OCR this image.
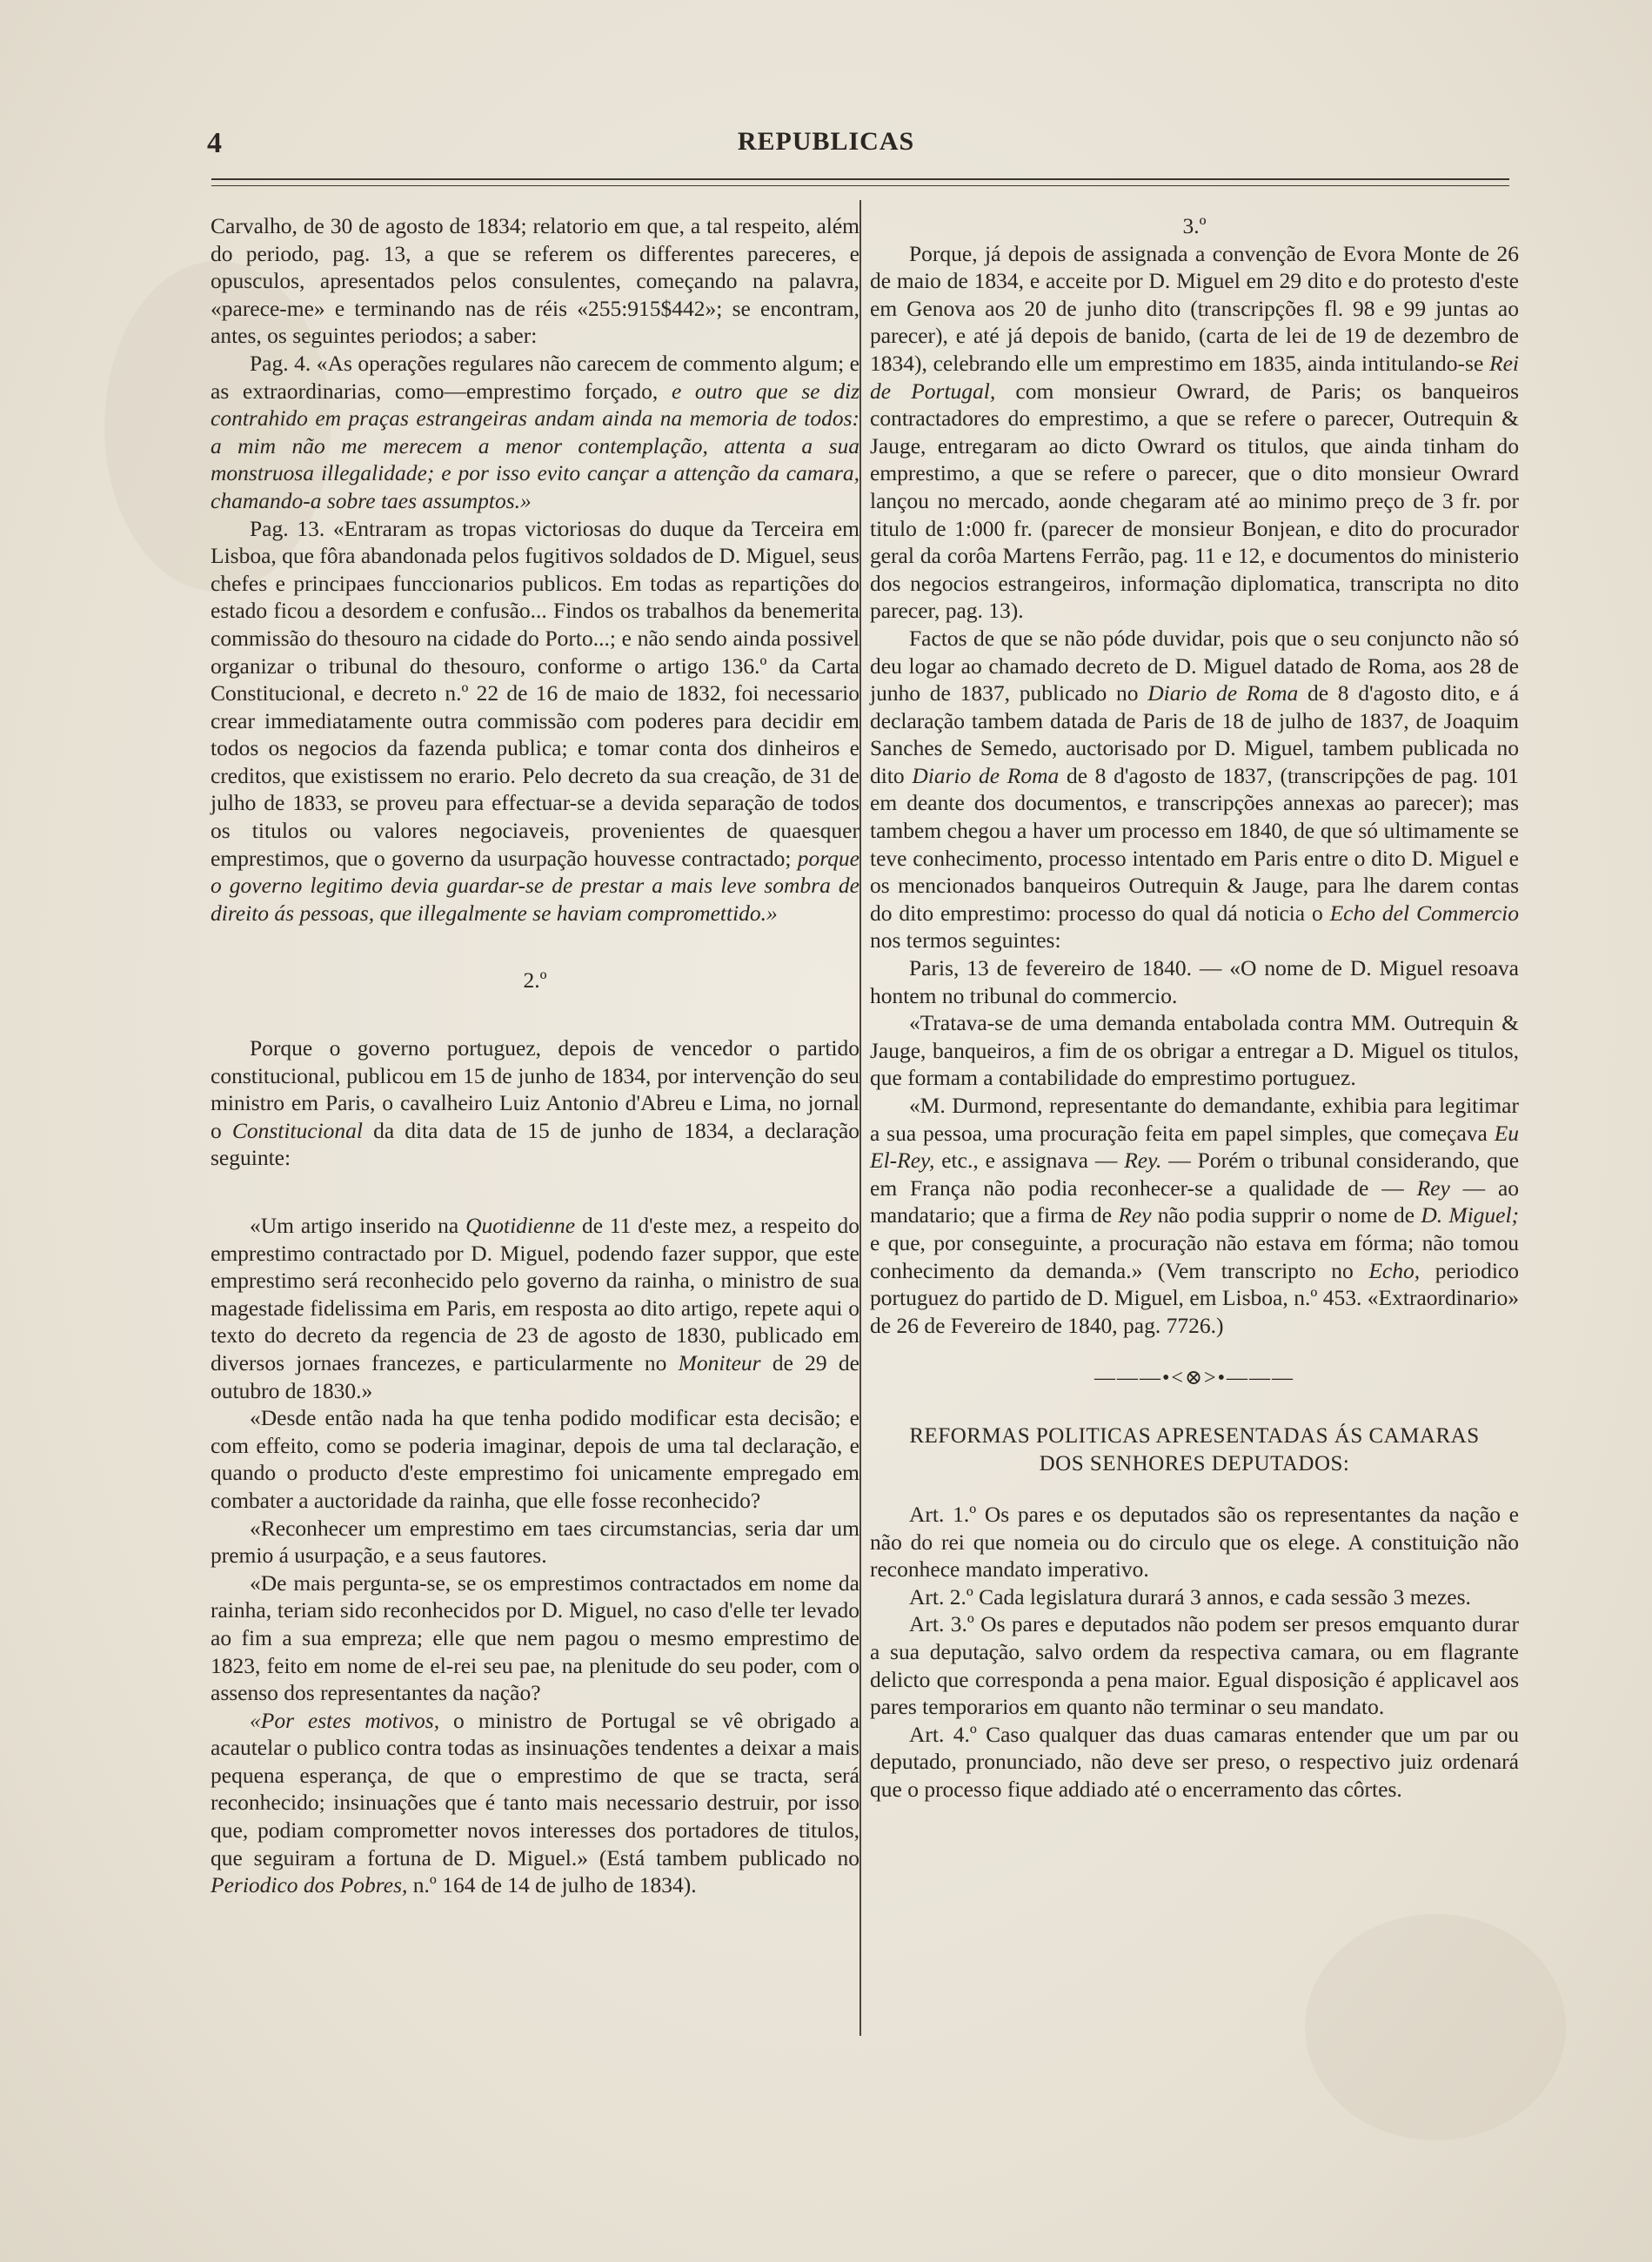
4	REPUBLICAS

Carvalho, de 30 de agosto de 1834; relatorio em que, a tal respeito, além do periodo, pag. 13, a que se referem os differentes pareceres, e opusculos, apresentados pelos consulentes, começando na palavra, «parece-me» e terminando nas de réis «255:915$442»; se encontram, antes, os seguintes periodos; a saber:

Pag. 4. «As operações regulares não carecem de commento algum; e as extraordinarias, como—emprestimo forçado, e outro que se diz contrahido em praças estrangeiras andam ainda na memoria de todos: a mim não me merecem a menor contemplação, attenta a sua monstruosa illegalidade; e por isso evito cançar a attenção da camara, chamando-a sobre taes assumptos.»

Pag. 13. «Entraram as tropas victoriosas do duque da Terceira em Lisboa, que fôra abandonada pelos fugitivos soldados de D. Miguel, seus chefes e principaes funccionarios publicos. Em todas as repartições do estado ficou a desordem e confusão... Findos os trabalhos da benemerita commissão do thesouro na cidade do Porto...; e não sendo ainda possivel organizar o tribunal do thesouro, conforme o artigo 136.º da Carta Constitucional, e decreto n.º 22 de 16 de maio de 1832, foi necessario crear immediatamente outra commissão com poderes para decidir em todos os negocios da fazenda publica; e tomar conta dos dinheiros e creditos, que existissem no erario. Pelo decreto da sua creação, de 31 de julho de 1833, se proveu para effectuar-se a devida separação de todos os titulos ou valores negociaveis, provenientes de quaesquer emprestimos, que o governo da usurpação houvesse contractado; porque o governo legitimo devia guardar-se de prestar a mais leve sombra de direito ás pessoas, que illegalmente se haviam compromettido.»

2.º

Porque o governo portuguez, depois de vencedor o partido constitucional, publicou em 15 de junho de 1834, por intervenção do seu ministro em Paris, o cavalheiro Luiz Antonio d'Abreu e Lima, no jornal o Constitucional da dita data de 15 de junho de 1834, a declaração seguinte:

«Um artigo inserido na Quotidienne de 11 d'este mez, a respeito do emprestimo contractado por D. Miguel, podendo fazer suppor, que este emprestimo será reconhecido pelo governo da rainha, o ministro de sua magestade fidelissima em Paris, em resposta ao dito artigo, repete aqui o texto do decreto da regencia de 23 de agosto de 1830, publicado em diversos jornaes francezes, e particularmente no Moniteur de 29 de outubro de 1830.»

«Desde então nada ha que tenha podido modificar esta decisão; e com effeito, como se poderia imaginar, depois de uma tal declaração, e quando o producto d'este emprestimo foi unicamente empregado em combater a auctoridade da rainha, que elle fosse reconhecido?

«Reconhecer um emprestimo em taes circumstancias, seria dar um premio á usurpação, e a seus fautores.

«De mais pergunta-se, se os emprestimos contractados em nome da rainha, teriam sido reconhecidos por D. Miguel, no caso d'elle ter levado ao fim a sua empreza; elle que nem pagou o mesmo emprestimo de 1823, feito em nome de el-rei seu pae, na plenitude do seu poder, com o assenso dos representantes da nação?

«Por estes motivos, o ministro de Portugal se vê obrigado a acautelar o publico contra todas as insinuações tendentes a deixar a mais pequena esperança, de que o emprestimo de que se tracta, será reconhecido; insinuações que é tanto mais necessario destruir, por isso que, podiam comprometter novos interesses dos portadores de titulos, que seguiram a fortuna de D. Miguel.» (Está tambem publicado no Periodico dos Pobres, n.º 164 de 14 de julho de 1834).

3.º

Porque, já depois de assignada a convenção de Evora Monte de 26 de maio de 1834, e acceite por D. Miguel em 29 dito e do protesto d'este em Genova aos 20 de junho dito (transcripções fl. 98 e 99 juntas ao parecer), e até já depois de banido, (carta de lei de 19 de dezembro de 1834), celebrando elle um emprestimo em 1835, ainda intitulando-se Rei de Portugal, com monsieur Owrard, de Paris; os banqueiros contractadores do emprestimo, a que se refere o parecer, Outrequin & Jauge, entregaram ao dicto Owrard os titulos, que ainda tinham do emprestimo, a que se refere o parecer, que o dito monsieur Owrard lançou no mercado, aonde chegaram até ao minimo preço de 3 fr. por titulo de 1:000 fr. (parecer de monsieur Bonjean, e dito do procurador geral da corôa Martens Ferrão, pag. 11 e 12, e documentos do ministerio dos negocios estrangeiros, informação diplomatica, transcripta no dito parecer, pag. 13).

Factos de que se não póde duvidar, pois que o seu conjuncto não só deu logar ao chamado decreto de D. Miguel datado de Roma, aos 28 de junho de 1837, publicado no Diario de Roma de 8 d'agosto dito, e á declaração tambem datada de Paris de 18 de julho de 1837, de Joaquim Sanches de Semedo, auctorisado por D. Miguel, tambem publicada no dito Diario de Roma de 8 d'agosto de 1837, (transcripções de pag. 101 em deante dos documentos, e transcripções annexas ao parecer); mas tambem chegou a haver um processo em 1840, de que só ultimamente se teve conhecimento, processo intentado em Paris entre o dito D. Miguel e os mencionados banqueiros Outrequin & Jauge, para lhe darem contas do dito emprestimo: processo do qual dá noticia o Echo del Commercio nos termos seguintes:

Paris, 13 de fevereiro de 1840. — «O nome de D. Miguel resoava hontem no tribunal do commercio.

«Tratava-se de uma demanda entabolada contra MM. Outrequin & Jauge, banqueiros, a fim de os obrigar a entregar a D. Miguel os titulos, que formam a contabilidade do emprestimo portuguez.

«M. Durmond, representante do demandante, exhibia para legitimar a sua pessoa, uma procuração feita em papel simples, que começava Eu El-Rey, etc., e assignava — Rey. — Porém o tribunal considerando, que em França não podia reconhecer-se a qualidade de — Rey — ao mandatario; que a firma de Rey não podia supprir o nome de D. Miguel; e que, por conseguinte, a procuração não estava em fórma; não tomou conhecimento da demanda.» (Vem transcripto no Echo, periodico portuguez do partido de D. Miguel, em Lisboa, n.º 453. «Extraordinario» de 26 de Fevereiro de 1840, pag. 7726.)

———•<⊗>•———

REFORMAS POLITICAS APRESENTADAS ÁS CAMARAS

DOS SENHORES DEPUTADOS:

Art. 1.º Os pares e os deputados são os representantes da nação e não do rei que nomeia ou do circulo que os elege. A constituição não reconhece mandato imperativo.

Art. 2.º Cada legislatura durará 3 annos, e cada sessão 3 mezes.

Art. 3.º Os pares e deputados não podem ser presos emquanto durar a sua deputação, salvo ordem da respectiva camara, ou em flagrante delicto que corresponda a pena maior. Egual disposição é applicavel aos pares temporarios em quanto não terminar o seu mandato.

Art. 4.º Caso qualquer das duas camaras entender que um par ou deputado, pronunciado, não deve ser preso, o respectivo juiz ordenará que o processo fique addiado até o encerramento das côrtes.
